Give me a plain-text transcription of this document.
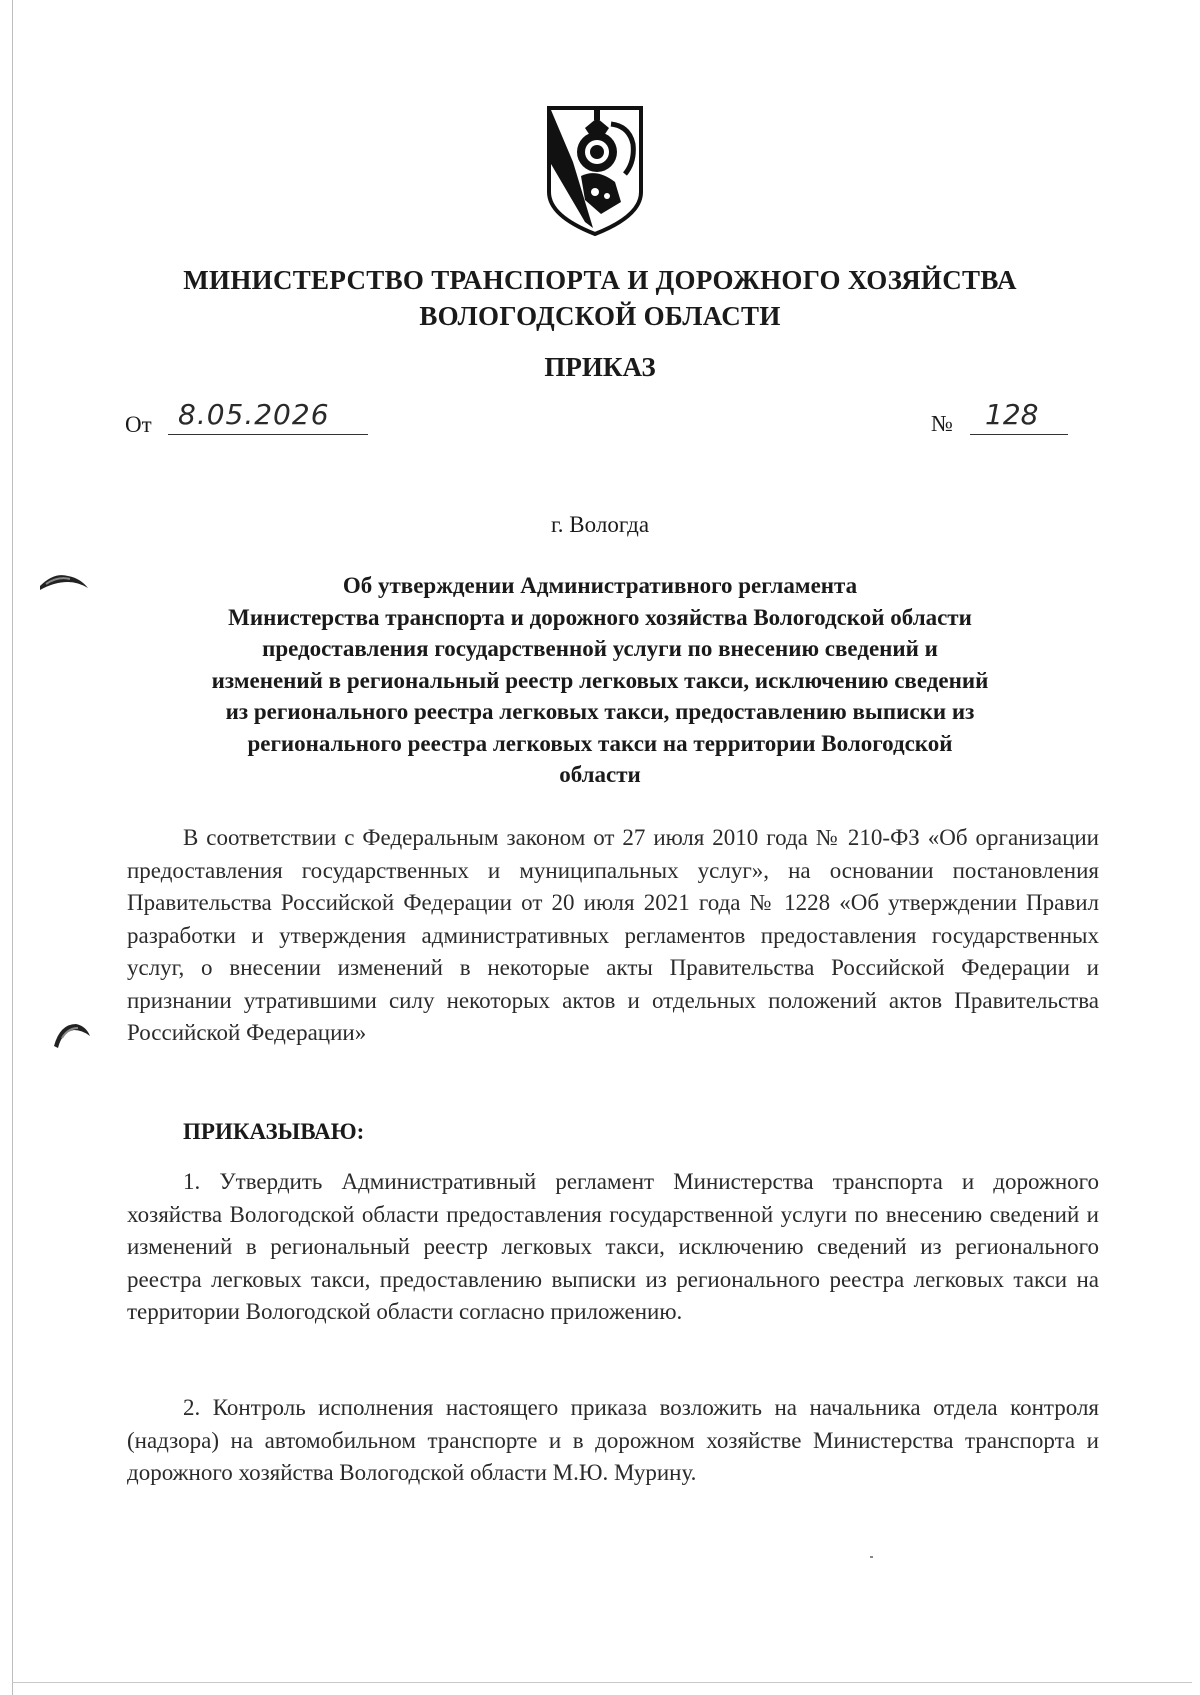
МИНИСТЕРСТВО ТРАНСПОРТА И ДОРОЖНОГО ХОЗЯЙСТВА
ВОЛОГОДСКОЙ ОБЛАСТИ
ПРИКАЗ
От 8.05.2026	№ 128
г. Вологда
Об утверждении Административного регламента
Министерства транспорта и дорожного хозяйства Вологодской области
предоставления государственной услуги по внесению сведений и
изменений в региональный реестр легковых такси, исключению сведений
из регионального реестра легковых такси, предоставлению выписки из
регионального реестра легковых такси на территории Вологодской
области
В соответствии с Федеральным законом от 27 июля 2010 года № 210-ФЗ «Об организации предоставления государственных и муниципальных услуг», на основании постановления Правительства Российской Федерации от 20 июля 2021 года № 1228 «Об утверждении Правил разработки и утверждения административных регламентов предоставления государственных услуг, о внесении изменений в некоторые акты Правительства Российской Федерации и признании утратившими силу некоторых актов и отдельных положений актов Правительства Российской Федерации»
ПРИКАЗЫВАЮ:
1. Утвердить Административный регламент Министерства транспорта и дорожного хозяйства Вологодской области предоставления государственной услуги по внесению сведений и изменений в региональный реестр легковых такси, исключению сведений из регионального реестра легковых такси, предоставлению выписки из регионального реестра легковых такси на территории Вологодской области согласно приложению.
2. Контроль исполнения настоящего приказа возложить на начальника отдела контроля (надзора) на автомобильном транспорте и в дорожном хозяйстве Министерства транспорта и дорожного хозяйства Вологодской области М.Ю. Мурину.
